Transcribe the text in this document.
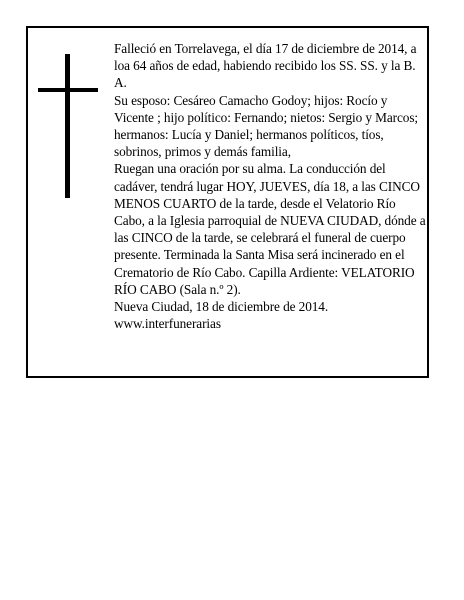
Falleció en Torrelavega, el día 17 de diciembre de 2014, a loa 64 años de edad, habiendo recibido los SS. SS. y la B. A.

Su esposo: Cesáreo Camacho Godoy; hijos: Rocío y Vicente ; hijo político: Fernando; nietos: Sergio y Marcos; hermanos: Lucía y Daniel; hermanos políticos, tíos, sobrinos, primos y demás familia,

Ruegan una oración por su alma. La conducción del cadáver, tendrá lugar HOY, JUEVES, día 18, a las CINCO MENOS CUARTO de la tarde, desde el Velatorio Río Cabo, a la Iglesia parroquial de NUEVA CIUDAD, dónde a las CINCO de la tarde, se celebrará el funeral de cuerpo presente. Terminada la Santa Misa será incinerado en el Crematorio de Río Cabo. Capilla Ardiente: VELATORIO RÍO CABO (Sala n.º 2).

Nueva Ciudad, 18 de diciembre de 2014.

www.interfunerarias
